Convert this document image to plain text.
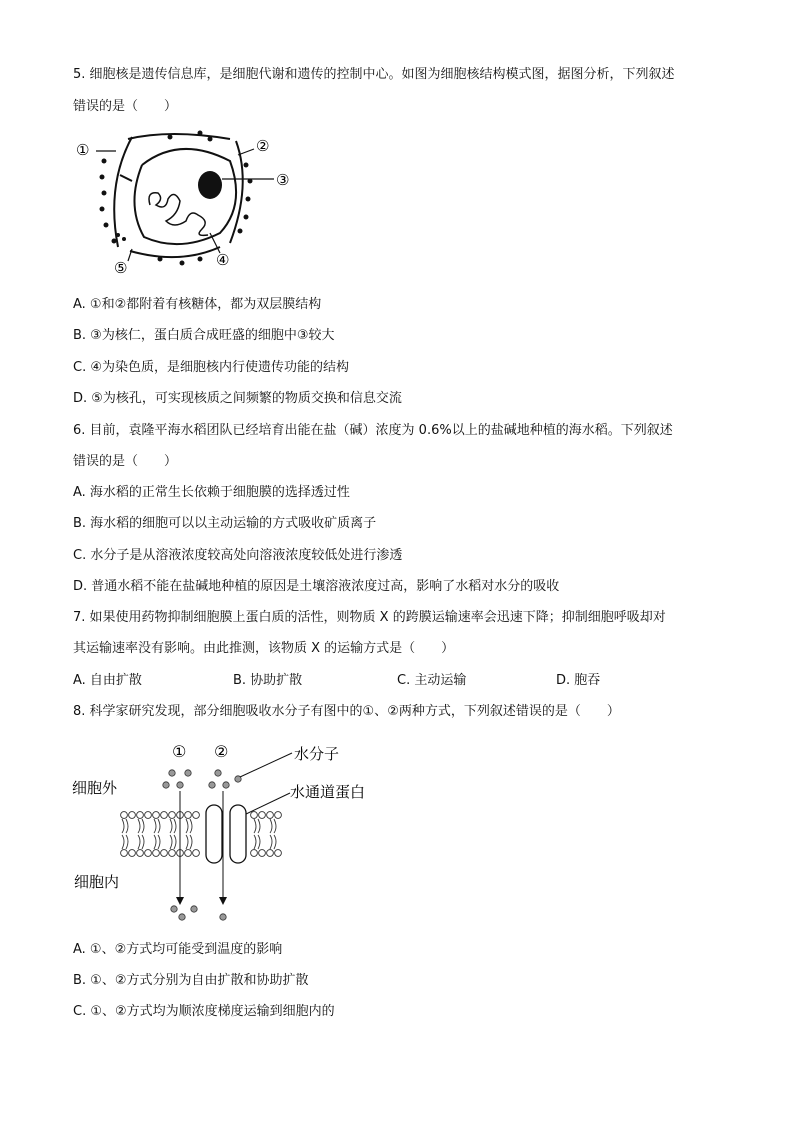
5. 细胞核是遗传信息库，是细胞代谢和遗传的控制中心。如图为细胞核结构模式图，据图分析，下列叙述
错误的是（　　）
①	②
③
④
⑤
A. ①和②都附着有核糖体，都为双层膜结构
B. ③为核仁，蛋白质合成旺盛的细胞中③较大
C. ④为染色质，是细胞核内行使遗传功能的结构
D. ⑤为核孔，可实现核质之间频繁的物质交换和信息交流
6. 目前，袁隆平海水稻团队已经培育出能在盐（碱）浓度为 0.6%以上的盐碱地种植的海水稻。下列叙述
错误的是（　　）
A. 海水稻的正常生长依赖于细胞膜的选择透过性
B. 海水稻的细胞可以以主动运输的方式吸收矿质离子
C. 水分子是从溶液浓度较高处向溶液浓度较低处进行渗透
D. 普通水稻不能在盐碱地种植的原因是土壤溶液浓度过高，影响了水稻对水分的吸收
7. 如果使用药物抑制细胞膜上蛋白质的活性，则物质 X 的跨膜运输速率会迅速下降；抑制细胞呼吸却对
其运输速率没有影响。由此推测，该物质 X 的运输方式是（　　）
A. 自由扩散	B. 协助扩散	C. 主动运输	D. 胞吞
8. 科学家研究发现，部分细胞吸收水分子有图中的①、②两种方式，下列叙述错误的是（　　）
① ②	水分子
水通道蛋白
细胞外
细胞内
A. ①、②方式均可能受到温度的影响
B. ①、②方式分别为自由扩散和协助扩散
C. ①、②方式均为顺浓度梯度运输到细胞内的
